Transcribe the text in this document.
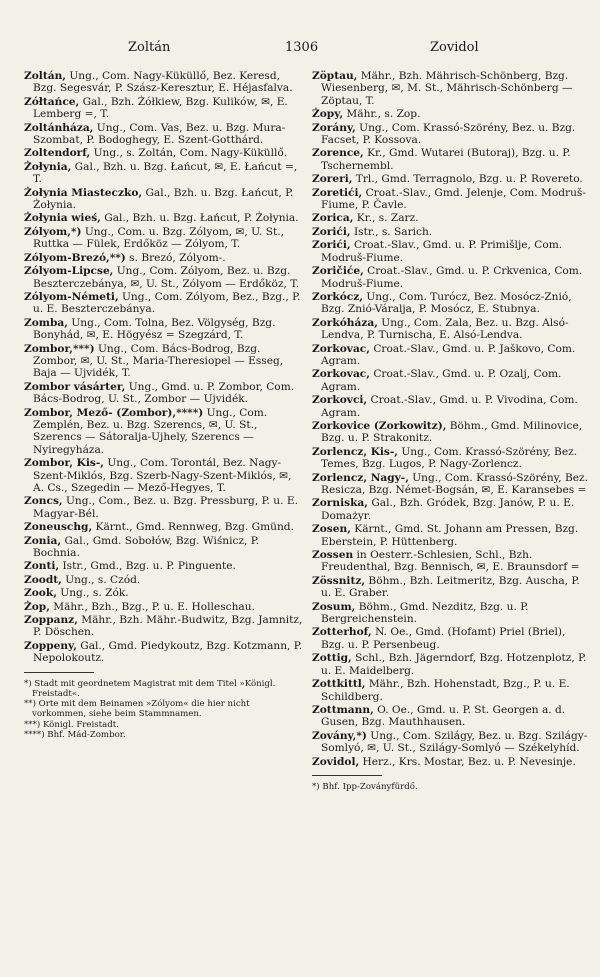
Zoltán	1306	Zovidol
Zoltán, Ung., Com. Nagy-Küküllő, Bez. Keresd, Bzg. Segesvár, P. Szász-Keresztur, E. Héjasfalva.
Zółtańce, Gal., Bzh. Żółkiew, Bzg. Kulików, ✉, E. Lemberg =, T.
Zoltánháza, Ung., Com. Vas, Bez. u. Bzg. Mura-Szombat, P. Bodoghegy, E. Szent-Gotthárd.
Zoltendorf, Ung., s. Zoltán, Com. Nagy-Küküllő.
Żołynia, Gal., Bzh. u. Bzg. Łańcut, ✉, E. Łańcut =, T.
Żołynia Miasteczko, Gal., Bzh. u. Bzg. Łańcut, P. Żołynia.
Żołynia wieś, Gal., Bzh. u. Bzg. Łańcut, P. Żołynia.
Zólyom,*) Ung., Com. u. Bzg. Zólyom, ✉, U. St., Ruttka — Fülek, Erdőköz — Zólyom, T.
Zólyom-Brezó,**) s. Brezó, Zólyom-.
Zólyom-Lipcse, Ung., Com. Zólyom, Bez. u. Bzg. Beszterczebánya, ✉, U. St., Zólyom — Erdőköz, T.
Zólyom-Németi, Ung., Com. Zólyom, Bez., Bzg., P. u. E. Beszterczebánya.
Zomba, Ung., Com. Tolna, Bez. Völgység, Bzg. Bonyhád, ✉, E. Högyész = Szegzárd, T.
Zombor,***) Ung., Com. Bács-Bodrog, Bzg. Zombor, ✉, U. St., Maria-Theresiopel — Esseg, Baja — Ujvidék, T.
Zombor vásárter, Ung., Gmd. u. P. Zombor, Com. Bács-Bodrog, U. St., Zombor — Ujvidék.
Zombor, Mező- (Zombor),****) Ung., Com. Zemplén, Bez. u. Bzg. Szerencs, ✉, U. St., Szerencs — Sátoralja-Ujhely, Szerencs — Nyiregyháza.
Zombor, Kis-, Ung., Com. Torontál, Bez. Nagy-Szent-Miklós, Bzg. Szerb-Nagy-Szent-Miklós, ✉, A. Cs., Szegedin — Mező-Hegyes, T.
Zoncs, Ung., Com., Bez. u. Bzg. Pressburg, P. u. E. Magyar-Bél.
Zoneuschg, Kärnt., Gmd. Rennweg, Bzg. Gmünd.
Zonia, Gal., Gmd. Sobołów, Bzg. Wiśnicz, P. Bochnia.
Zonti, Istr., Gmd., Bzg. u. P. Pinguente.
Zoodt, Ung., s. Czód.
Zook, Ung., s. Zók.
Żop, Mähr., Bzh., Bzg., P. u. E. Holleschau.
Zoppanz, Mähr., Bzh. Mähr.-Budwitz, Bzg. Jamnitz, P. Döschen.
Zoppeny, Gal., Gmd. Piedykoutz, Bzg. Kotzmann, P. Nepolokoutz.
*) Stadt mit geordnetem Magistrat mit dem Titel »Königl. Freistadt«.
**) Orte mit dem Beinamen »Zólyom« die hier nicht vorkommen, siehe beim Stammnamen.
***) Königl. Freistadt.
****) Bhf. Mád-Zombor.
Zöptau, Mähr., Bzh. Mährisch-Schönberg, Bzg. Wiesenberg, ✉, M. St., Mährisch-Schönberg — Zöptau, T.
Żopy, Mähr., s. Zop.
Zorány, Ung., Com. Krassó-Szörény, Bez. u. Bzg. Facset, P. Kossova.
Zorence, Kr., Gmd. Wutarei (Butoraj), Bzg. u. P. Tschernembl.
Zoreri, Trl., Gmd. Terragnolo, Bzg. u. P. Rovereto.
Zoretići, Croat.-Slav., Gmd. Jelenje, Com. Modruš-Fiume, P. Čavle.
Zorica, Kr., s. Zarz.
Zorići, Istr., s. Sarich.
Zorići, Croat.-Slav., Gmd. u. P. Primišlje, Com. Modruš-Fiume.
Zoričiće, Croat.-Slav., Gmd. u. P. Crkvenica, Com. Modruš-Fiume.
Zorkócz, Ung., Com. Turócz, Bez. Mosócz-Znió, Bzg. Znió-Váralja, P. Mosócz, E. Stubnya.
Zorkóháza, Ung., Com. Zala, Bez. u. Bzg. Alsó-Lendva, P. Turnischa, E. Alsó-Lendva.
Zorkovac, Croat.-Slav., Gmd. u. P. Jaškovo, Com. Agram.
Zorkovac, Croat.-Slav., Gmd. u. P. Ozalj, Com. Agram.
Zorkovci, Croat.-Slav., Gmd. u. P. Vivodina, Com. Agram.
Zorkovice (Zorkowitz), Böhm., Gmd. Milinovice, Bzg. u. P. Strakonitz.
Zorlencz, Kis-, Ung., Com. Krassó-Szörény, Bez. Temes, Bzg. Lugos, P. Nagy-Zorlencz.
Zorlencz, Nagy-, Ung., Com. Krassó-Szörény, Bez. Resicza, Bzg. Német-Bogsán, ✉, E. Karansebes =
Zorniska, Gal., Bzh. Gródek, Bzg. Janów, P. u. E. Domażyr.
Zosen, Kärnt., Gmd. St. Johann am Pressen, Bzg. Eberstein, P. Hüttenberg.
Zossen in Oesterr.-Schlesien, Schl., Bzh. Freudenthal, Bzg. Bennisch, ✉, E. Braunsdorf =
Zössnitz, Böhm., Bzh. Leitmeritz, Bzg. Auscha, P. u. E. Graber.
Zosum, Böhm., Gmd. Nezditz, Bzg. u. P. Bergreichenstein.
Zotterhof, N. Oe., Gmd. (Hofamt) Priel (Briel), Bzg. u. P. Persenbeug.
Zottig, Schl., Bzh. Jägerndorf, Bzg. Hotzenplotz, P. u. E. Maidelberg.
Zottkittl, Mähr., Bzh. Hohenstadt, Bzg., P. u. E. Schildberg.
Zottmann, O. Oe., Gmd. u. P. St. Georgen a. d. Gusen, Bzg. Mauthhausen.
Zovány,*) Ung., Com. Szilágy, Bez. u. Bzg. Szilágy-Somlyó, ✉, U. St., Szilágy-Somlyó — Székelyhíd.
Zovidol, Herz., Krs. Mostar, Bez. u. P. Nevesinje.
*) Bhf. Ipp-Zoványfürdő.
